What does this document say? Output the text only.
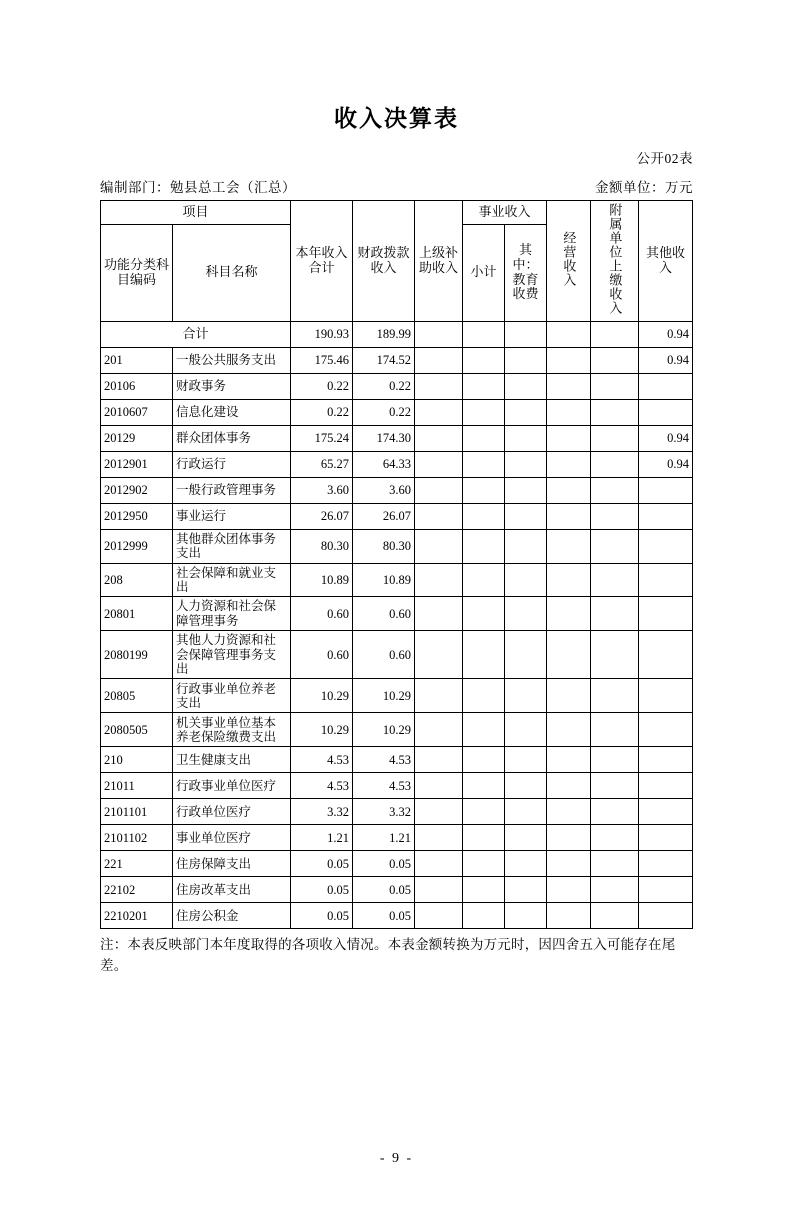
收入决算表
公开02表
编制部门：勉县总工会（汇总）	金额单位：万元
项目		本年收入合计	财政拨款收入	上级补助收入	事业收入		经营收入	附属单位上缴收入	其他收入
功能分类科目编码	科目名称				小计	其中：教育收费			
合计		190.93	189.99						0.94
201	一般公共服务支出	175.46	174.52						0.94
20106	财政事务	0.22	0.22						
2010607	信息化建设	0.22	0.22						
20129	群众团体事务	175.24	174.30						0.94
2012901	行政运行	65.27	64.33						0.94
2012902	一般行政管理事务	3.60	3.60						
2012950	事业运行	26.07	26.07						
2012999	其他群众团体事务支出	80.30	80.30						
208	社会保障和就业支出	10.89	10.89						
20801	人力资源和社会保障管理事务	0.60	0.60						
2080199	其他人力资源和社会保障管理事务支出	0.60	0.60						
20805	行政事业单位养老支出	10.29	10.29						
2080505	机关事业单位基本养老保险缴费支出	10.29	10.29						
210	卫生健康支出	4.53	4.53						
21011	行政事业单位医疗	4.53	4.53						
2101101	行政单位医疗	3.32	3.32						
2101102	事业单位医疗	1.21	1.21						
221	住房保障支出	0.05	0.05						
22102	住房改革支出	0.05	0.05						
2210201	住房公积金	0.05	0.05						
注：本表反映部门本年度取得的各项收入情况。本表金额转换为万元时，因四舍五入可能存在尾差。
- 9 -
